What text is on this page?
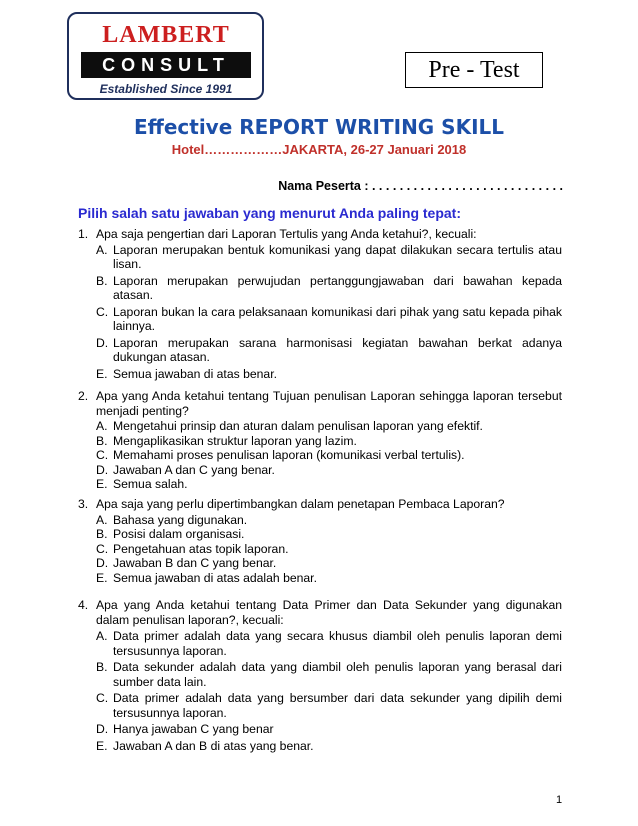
LAMBERT
CONSULT
Established Since 1991
Pre - Test
Effective REPORT WRITING SKILL
Hotel………………JAKARTA, 26-27 Januari 2018
Nama Peserta : . . . . . . . . . . . . . . . . . . . . . . . . . . . .
Pilih salah satu jawaban yang menurut Anda paling tepat:
1. Apa saja pengertian dari Laporan Tertulis yang Anda ketahui?, kecuali:
A. Laporan merupakan bentuk komunikasi yang dapat dilakukan secara tertulis atau lisan.
B. Laporan merupakan perwujudan pertanggungjawaban dari bawahan kepada atasan.
C. Laporan bukan la cara pelaksanaan komunikasi dari pihak yang satu kepada pihak lainnya.
D. Laporan merupakan sarana harmonisasi kegiatan bawahan berkat adanya dukungan atasan.
E. Semua jawaban di atas benar.
2. Apa yang Anda ketahui tentang Tujuan penulisan Laporan sehingga laporan tersebut menjadi penting?
A. Mengetahui prinsip dan aturan dalam penulisan laporan yang efektif.
B. Mengaplikasikan struktur laporan yang lazim.
C. Memahami proses penulisan laporan (komunikasi verbal tertulis).
D. Jawaban A dan C yang benar.
E. Semua salah.
3. Apa saja yang perlu dipertimbangkan dalam penetapan Pembaca Laporan?
A. Bahasa yang digunakan.
B. Posisi dalam organisasi.
C. Pengetahuan atas topik laporan.
D. Jawaban B dan C yang benar.
E. Semua jawaban di atas adalah benar.
4. Apa yang Anda ketahui tentang Data Primer dan Data Sekunder yang digunakan dalam penulisan laporan?, kecuali:
A. Data primer adalah data yang secara khusus diambil oleh penulis laporan demi tersusunnya laporan.
B. Data sekunder adalah data yang diambil oleh penulis laporan yang berasal dari sumber data lain.
C. Data primer adalah data yang bersumber dari data sekunder yang dipilih demi tersusunnya laporan.
D. Hanya jawaban C yang benar
E. Jawaban A dan B di atas yang benar.
1
